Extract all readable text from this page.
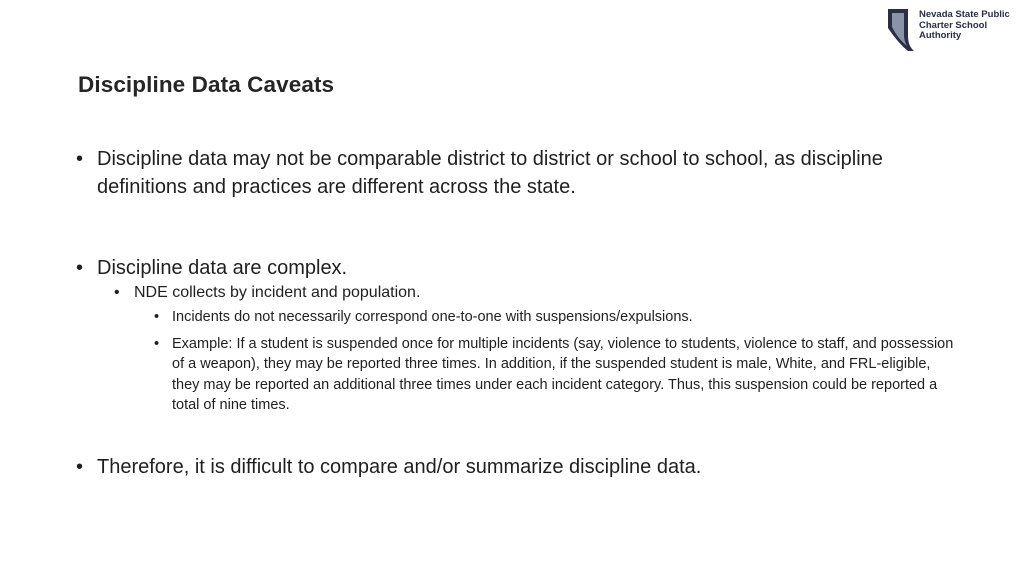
Nevada State Public
Charter School
Authority
Discipline Data Caveats
• Discipline data may not be comparable district to district or school to school, as discipline definitions and practices are different across the state.
• Discipline data are complex.
• NDE collects by incident and population.
• Incidents do not necessarily correspond one-to-one with suspensions/expulsions.
• Example: If a student is suspended once for multiple incidents (say, violence to students, violence to staff, and possession of a weapon), they may be reported three times. In addition, if the suspended student is male, White, and FRL-eligible, they may be reported an additional three times under each incident category. Thus, this suspension could be reported a total of nine times.
• Therefore, it is difficult to compare and/or summarize discipline data.
